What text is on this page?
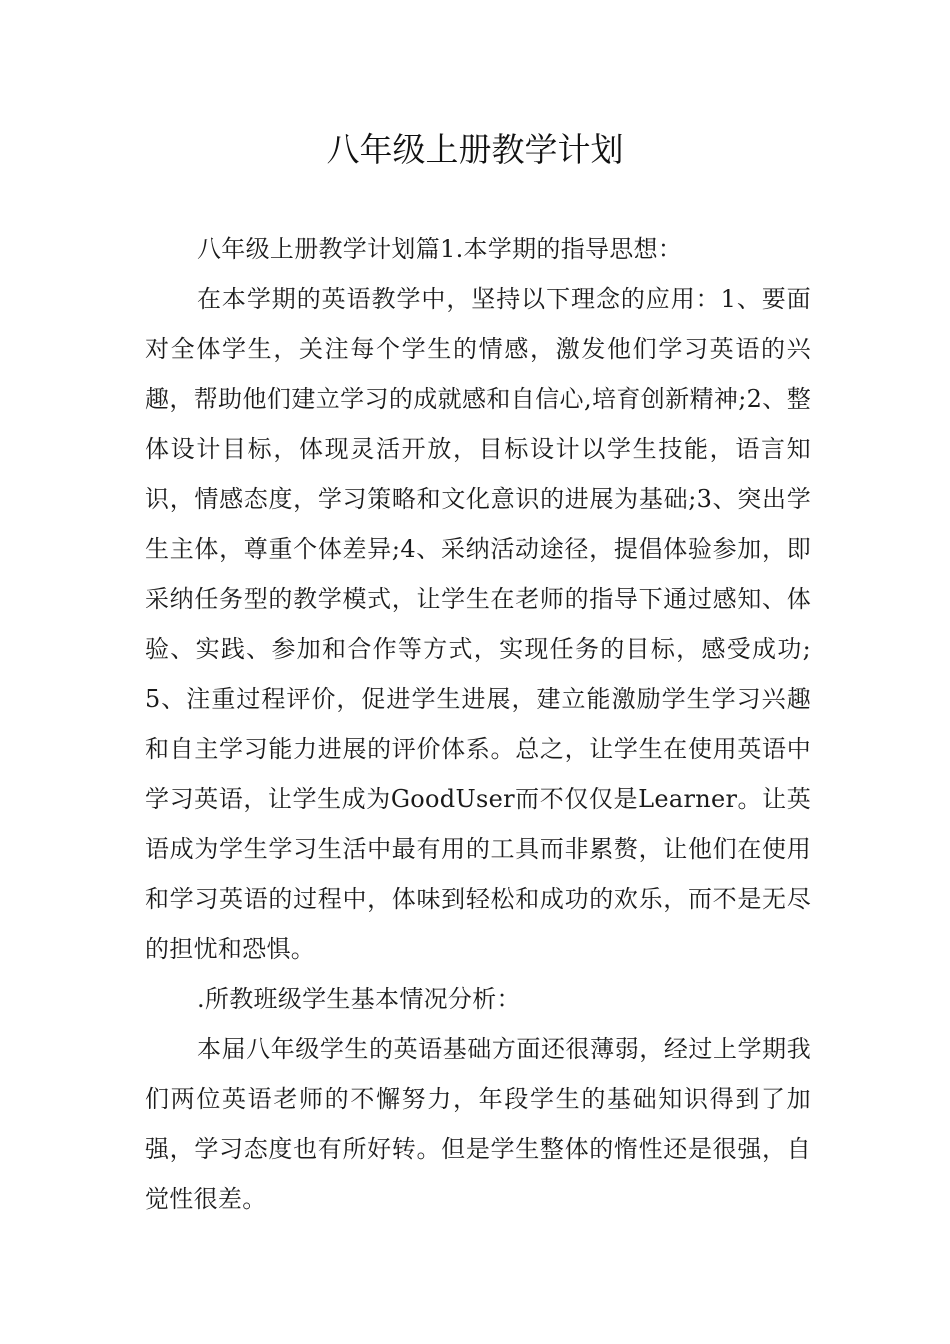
八年级上册教学计划

八年级上册教学计划篇1.本学期的指导思想：

在本学期的英语教学中，坚持以下理念的应用：1、要面对全体学生，关注每个学生的情感，激发他们学习英语的兴趣，帮助他们建立学习的成就感和自信心,培育创新精神;2、整体设计目标，体现灵活开放，目标设计以学生技能，语言知识，情感态度，学习策略和文化意识的进展为基础;3、突出学生主体，尊重个体差异;4、采纳活动途径，提倡体验参加，即采纳任务型的教学模式，让学生在老师的指导下通过感知、体验、实践、参加和合作等方式，实现任务的目标，感受成功;5、注重过程评价，促进学生进展，建立能激励学生学习兴趣和自主学习能力进展的评价体系。总之，让学生在使用英语中学习英语，让学生成为GoodUser而不仅仅是Learner。让英语成为学生学习生活中最有用的工具而非累赘，让他们在使用和学习英语的过程中，体味到轻松和成功的欢乐，而不是无尽的担忧和恐惧。

.所教班级学生基本情况分析：

本届八年级学生的英语基础方面还很薄弱，经过上学期我们两位英语老师的不懈努力，年段学生的基础知识得到了加强，学习态度也有所好转。但是学生整体的惰性还是很强，自觉性很差。
